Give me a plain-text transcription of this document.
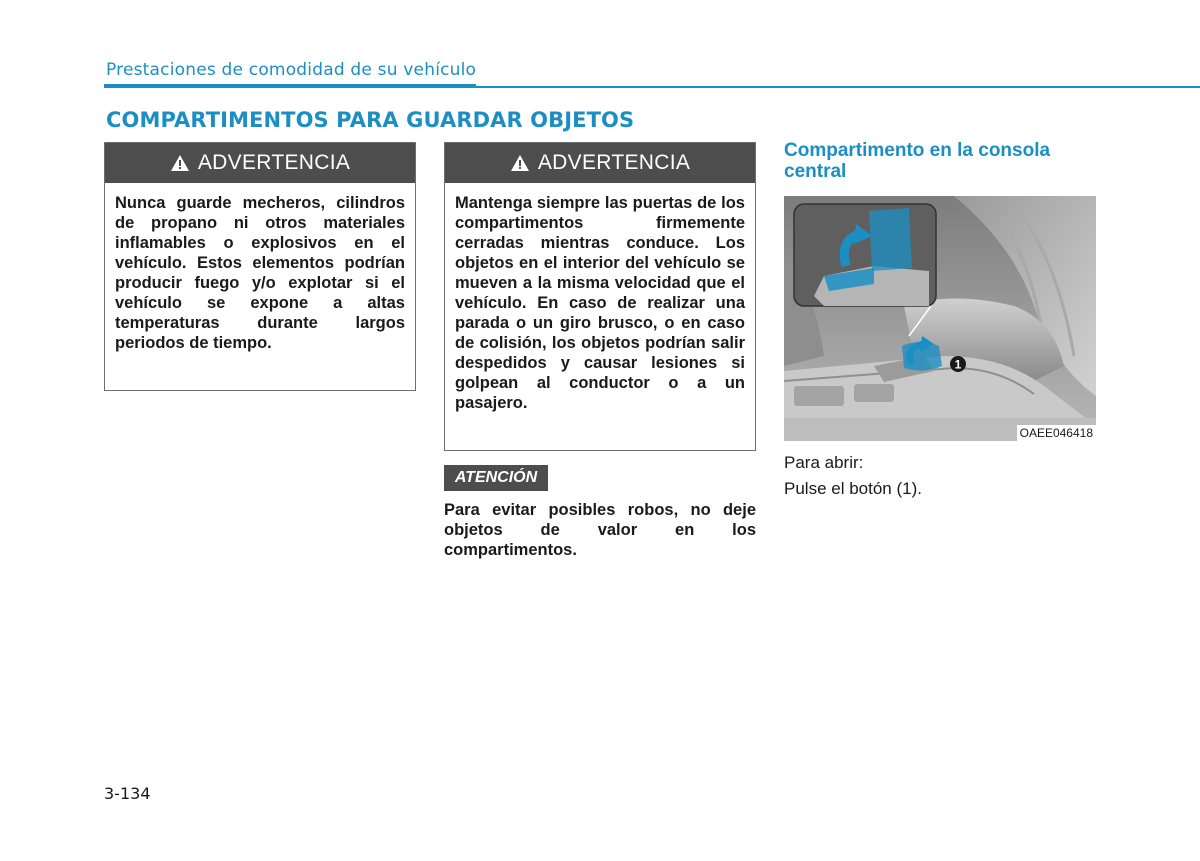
Prestaciones de comodidad de su vehículo
COMPARTIMENTOS PARA GUARDAR OBJETOS
ADVERTENCIA
Nunca guarde mecheros, cilindros de propano ni otros materiales inflamables o explosivos en el vehículo. Estos elementos podrían producir fuego y/o explotar si el vehículo se expone a altas temperaturas durante largos periodos de tiempo.
ADVERTENCIA
Mantenga siempre las puertas de los compartimentos firmemente cerradas mientras conduce. Los objetos en el interior del vehículo se mueven a la misma velocidad que el vehículo. En caso de realizar una parada o un giro brusco, o en caso de colisión, los objetos podrían salir despedidos y causar lesiones si golpean al conductor o a un pasajero.
ATENCIÓN
Para evitar posibles robos, no deje objetos de valor en los compartimentos.
Compartimento en la consola central
1
OAEE046418
Para abrir:
Pulse el botón (1).
3-134
